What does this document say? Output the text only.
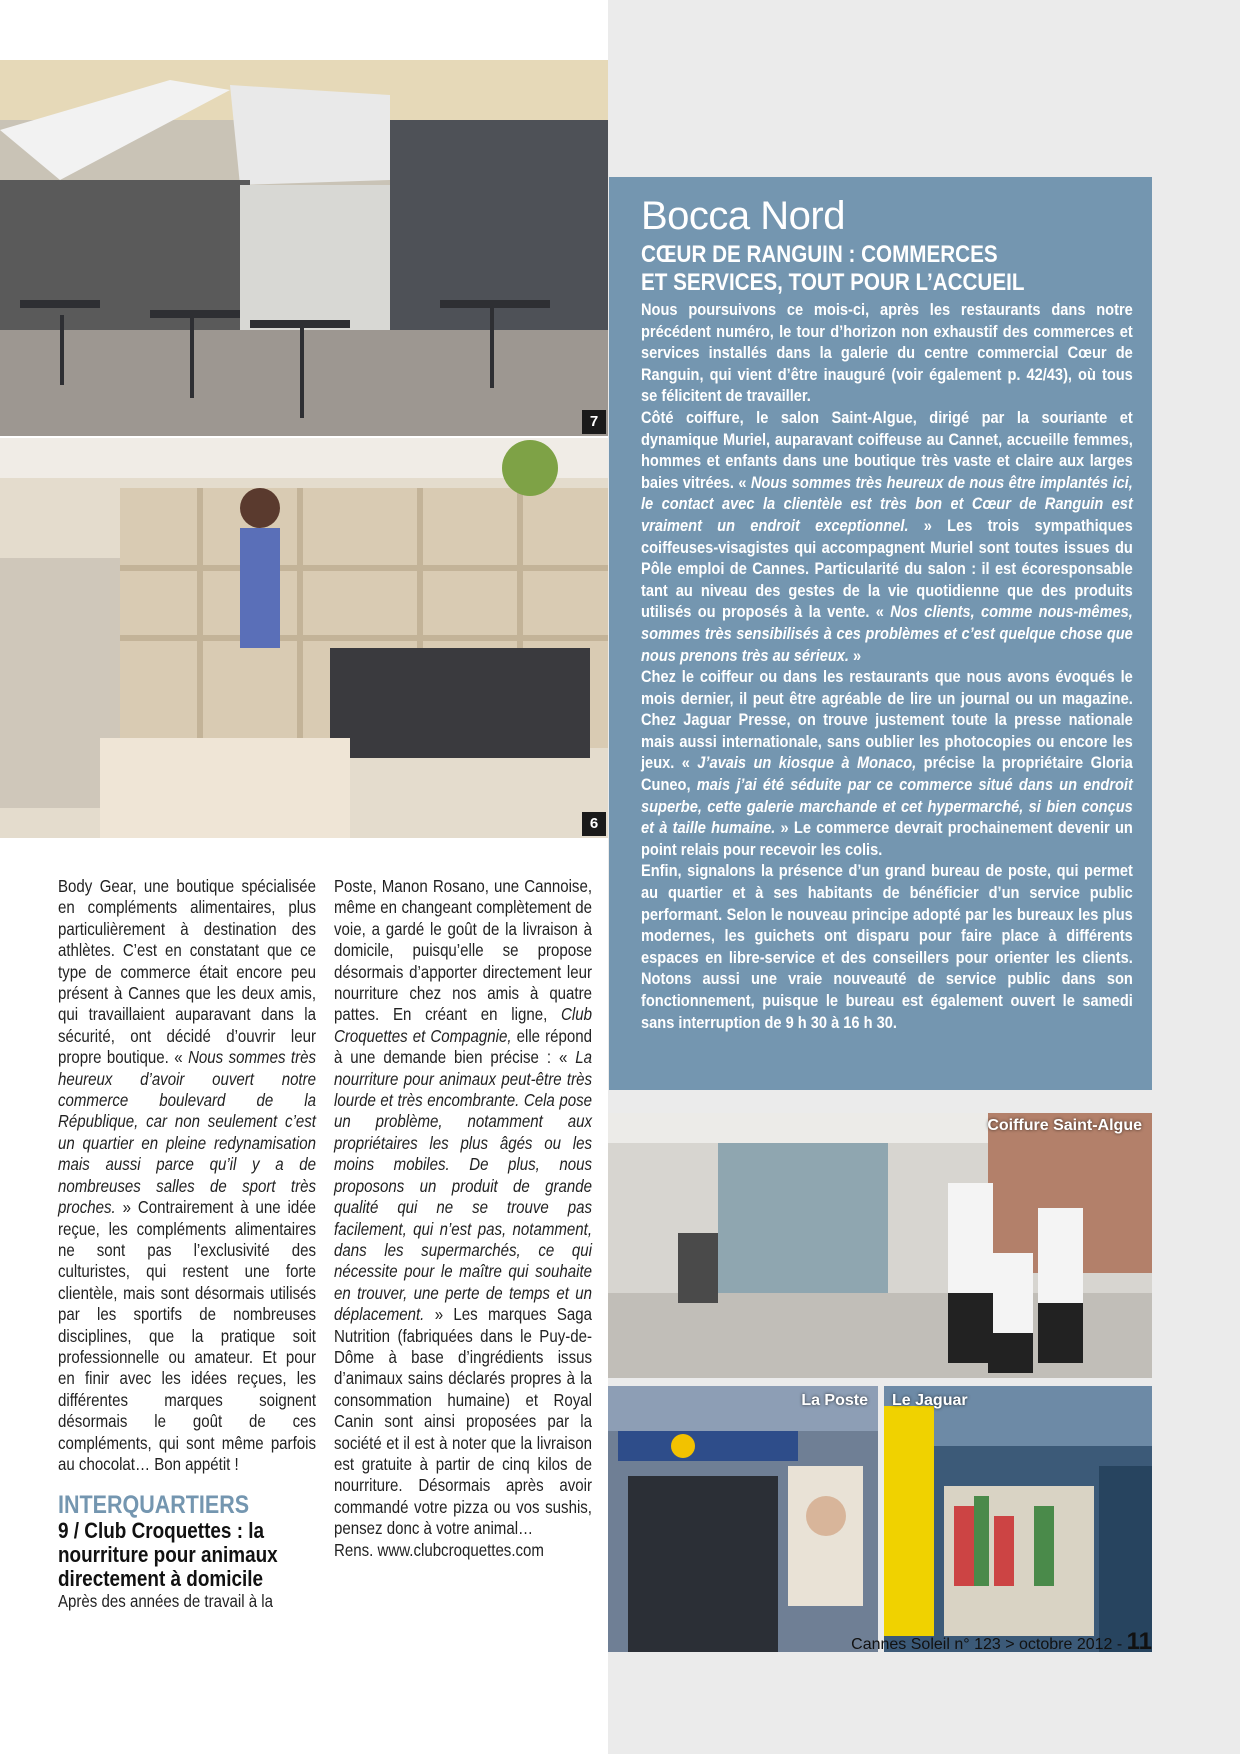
7
6
Bocca Nord
CŒUR DE RANGUIN : COMMERCES
ET SERVICES, TOUT POUR L’ACCUEIL

Nous poursuivons ce mois-ci, après les restaurants dans notre précédent numéro, le tour d’horizon non exhaustif des commerces et services installés dans la galerie du centre commercial Cœur de Ranguin, qui vient d’être inauguré (voir également p. 42/43), où tous se félicitent de travailler.

Côté coiffure, le salon Saint-Algue, dirigé par la souriante et dynamique Muriel, auparavant coiffeuse au Cannet, accueille femmes, hommes et enfants dans une boutique très vaste et claire aux larges baies vitrées. « Nous sommes très heureux de nous être implantés ici, le contact avec la clientèle est très bon et Cœur de Ranguin est vraiment un endroit exceptionnel. » Les trois sympathiques coiffeuses-visagistes qui accompagnent Muriel sont toutes issues du Pôle emploi de Cannes. Particularité du salon : il est écoresponsable tant au niveau des gestes de la vie quotidienne que des produits utilisés ou proposés à la vente. « Nos clients, comme nous-mêmes, sommes très sensibilisés à ces problèmes et c’est quelque chose que nous prenons très au sérieux. »

Chez le coiffeur ou dans les restaurants que nous avons évoqués le mois dernier, il peut être agréable de lire un journal ou un magazine. Chez Jaguar Presse, on trouve justement toute la presse nationale mais aussi internationale, sans oublier les photocopies ou encore les jeux. « J’avais un kiosque à Monaco, précise la propriétaire Gloria Cuneo, mais j’ai été séduite par ce commerce situé dans un endroit superbe, cette galerie marchande et cet hypermarché, si bien conçus et à taille humaine. » Le commerce devrait prochainement devenir un point relais pour recevoir les colis.

Enfin, signalons la présence d’un grand bureau de poste, qui permet au quartier et à ses habitants de bénéficier d’un service public performant. Selon le nouveau principe adopté par les bureaux les plus modernes, les guichets ont disparu pour faire place à différents espaces en libre-service et des conseillers pour orienter les clients. Notons aussi une vraie nouveauté de service public dans son fonctionnement, puisque le bureau est également ouvert le samedi sans interruption de 9 h 30 à 16 h 30.

Coiffure Saint-Algue
La Poste Le Jaguar

Body Gear, une boutique spécialisée en compléments alimentaires, plus particulièrement à destination des athlètes. C’est en constatant que ce type de commerce était encore peu présent à Cannes que les deux amis, qui travaillaient auparavant dans la sécurité, ont décidé d’ouvrir leur propre boutique. « Nous sommes très heureux d’avoir ouvert notre commerce boulevard de la République, car non seulement c’est un quartier en pleine redynamisation mais aussi parce qu’il y a de nombreuses salles de sport très proches. » Contrairement à une idée reçue, les compléments alimentaires ne sont pas l’exclusivité des culturistes, qui restent une forte clientèle, mais sont désormais utilisés par les sportifs de nombreuses disciplines, que la pratique soit professionnelle ou amateur. Et pour en finir avec les idées reçues, les différentes marques soignent désormais le goût de ces compléments, qui sont même parfois au chocolat… Bon appétit !

INTERQUARTIERS

9 / Club Croquettes : la nourriture pour animaux directement à domicile

Après des années de travail à la

Poste, Manon Rosano, une Cannoise, même en changeant complètement de voie, a gardé le goût de la livraison à domicile, puisqu’elle se propose désormais d’apporter directement leur nourriture chez nos amis à quatre pattes. En créant en ligne, Club Croquettes et Compagnie, elle répond à une demande bien précise : « La nourriture pour animaux peut-être très lourde et très encombrante. Cela pose un problème, notamment aux propriétaires les plus âgés ou les moins mobiles. De plus, nous proposons un produit de grande qualité qui ne se trouve pas facilement, qui n’est pas, notamment, dans les supermarchés, ce qui nécessite pour le maître qui souhaite en trouver, une perte de temps et un déplacement. » Les marques Saga Nutrition (fabriquées dans le Puy-de-Dôme à base d’ingrédients issus d’animaux sains déclarés propres à la consommation humaine) et Royal Canin sont ainsi proposées par la société et il est à noter que la livraison est gratuite à partir de cinq kilos de nourriture. Désormais après avoir commandé votre pizza ou vos sushis, pensez donc à votre animal…

Rens. www.clubcroquettes.com

Cannes Soleil n° 123 > octobre 2012 - 11
